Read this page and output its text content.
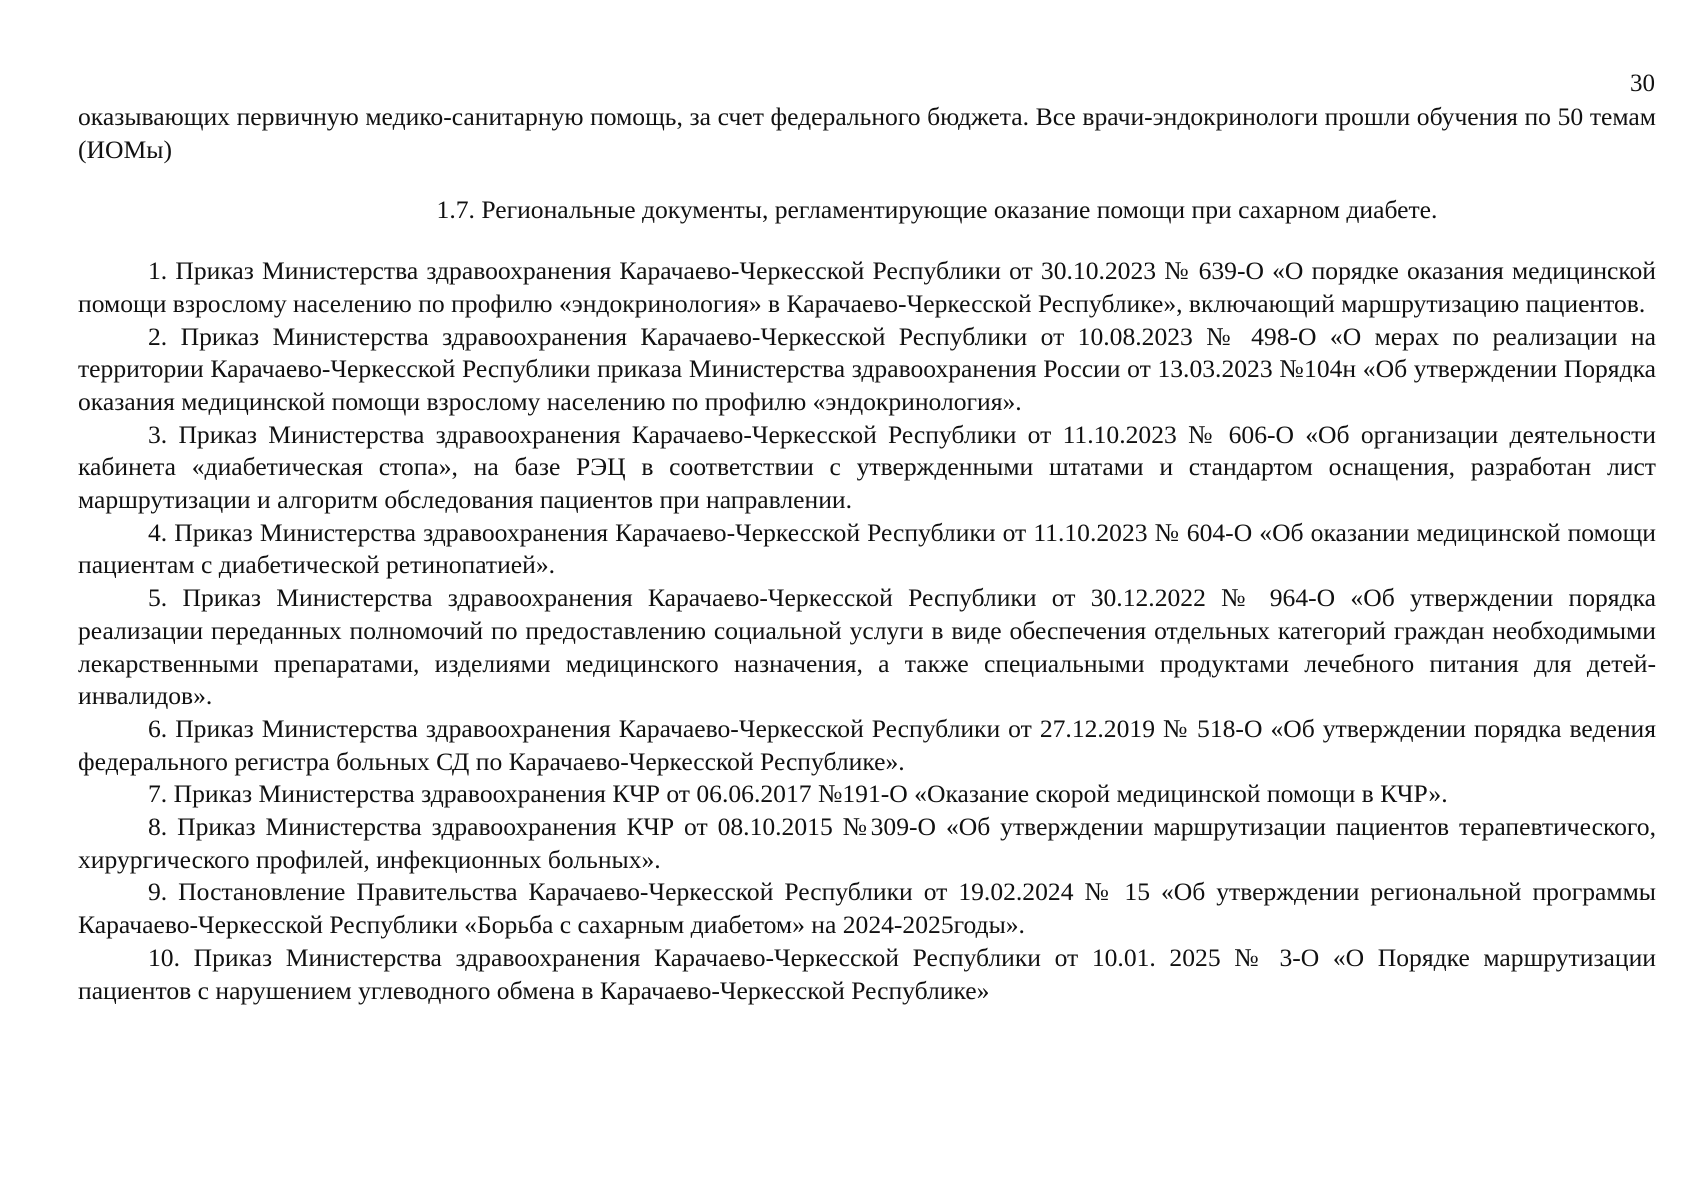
30

оказывающих первичную медико-санитарную помощь, за счет федерального бюджета. Все врачи-эндокринологи прошли обучения по 50 темам (ИОМы)

1.7. Региональные документы, регламентирующие оказание помощи при сахарном диабете.

1. Приказ Министерства здравоохранения Карачаево-Черкесской Республики от 30.10.2023 № 639-О «О порядке оказания медицинской помощи взрослому населению по профилю «эндокринология» в Карачаево-Черкесской Республике», включающий маршрутизацию пациентов.

2. Приказ Министерства здравоохранения Карачаево-Черкесской Республики от 10.08.2023 № 498-О «О мерах по реализации на территории Карачаево-Черкесской Республики приказа Министерства здравоохранения России от 13.03.2023 №104н «Об утверждении Порядка оказания медицинской помощи взрослому населению по профилю «эндокринология».

3. Приказ Министерства здравоохранения Карачаево-Черкесской Республики от 11.10.2023 № 606-О «Об организации деятельности кабинета «диабетическая стопа», на базе РЭЦ в соответствии с утвержденными штатами и стандартом оснащения, разработан лист маршрутизации и алгоритм обследования пациентов при направлении.

4. Приказ Министерства здравоохранения Карачаево-Черкесской Республики от 11.10.2023 № 604-О «Об оказании медицинской помощи пациентам с диабетической ретинопатией».

5. Приказ Министерства здравоохранения Карачаево-Черкесской Республики от 30.12.2022 № 964-О «Об утверждении порядка реализации переданных полномочий по предоставлению социальной услуги в виде обеспечения отдельных категорий граждан необходимыми лекарственными препаратами, изделиями медицинского назначения, а также специальными продуктами лечебного питания для детей-инвалидов».

6. Приказ Министерства здравоохранения Карачаево-Черкесской Республики от 27.12.2019 № 518-О «Об утверждении порядка ведения федерального регистра больных СД по Карачаево-Черкесской Республике».

7. Приказ Министерства здравоохранения КЧР от 06.06.2017 №191-О «Оказание скорой медицинской помощи в КЧР».

8. Приказ Министерства здравоохранения КЧР от 08.10.2015 №309-О «Об утверждении маршрутизации пациентов терапевтического, хирургического профилей, инфекционных больных».

9. Постановление Правительства Карачаево-Черкесской Республики от 19.02.2024 № 15 «Об утверждении региональной программы Карачаево-Черкесской Республики «Борьба с сахарным диабетом» на 2024-2025годы».

10. Приказ Министерства здравоохранения Карачаево-Черкесской Республики от 10.01. 2025 № 3-О «О Порядке маршрутизации пациентов с нарушением углеводного обмена в Карачаево-Черкесской Республике»
